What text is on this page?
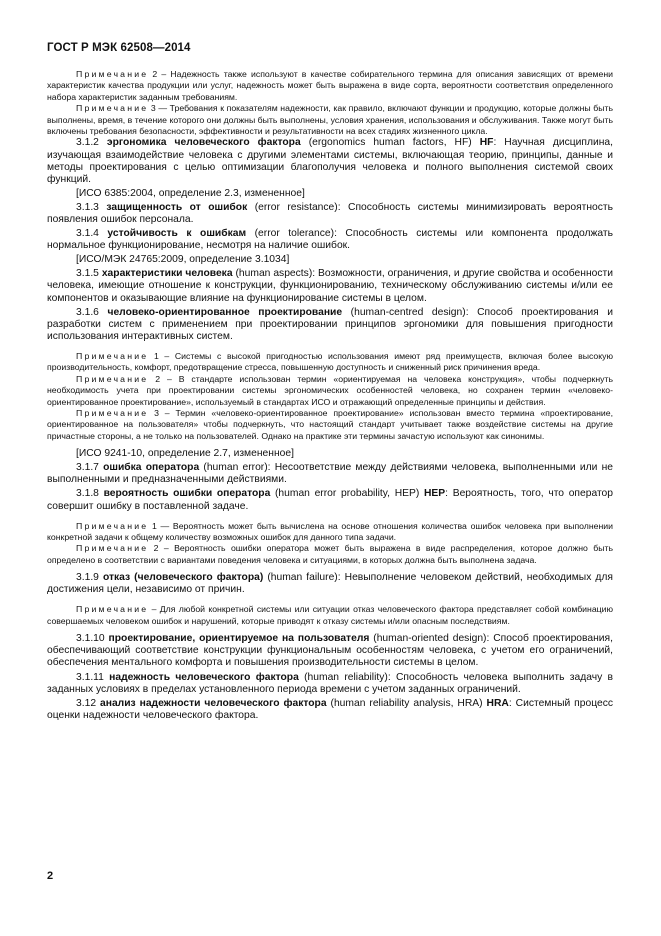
ГОСТ Р МЭК 62508—2014
Примечание 2 – Надежность также используют в качестве собирательного термина для описания зависящих от времени характеристик качества продукции или услуг, надежность может быть выражена в виде сорта, вероятности соответствия определенного набора характеристик заданным требованиям.
Примечание 3 — Требования к показателям надежности, как правило, включают функции и продукцию, которые должны быть выполнены, время, в течение которого они должны быть выполнены, условия хранения, использования и обслуживания. Также могут быть включены требования безопасности, эффективности и результативности на всех стадиях жизненного цикла.
3.1.2 эргономика человеческого фактора (ergonomics human factors, HF) HF: Научная дисциплина, изучающая взаимодействие человека с другими элементами системы, включающая теорию, принципы, данные и методы проектирования с целью оптимизации благополучия человека и полного выполнения системой своих функций.
[ИСО 6385:2004, определение 2.3, измененное]
3.1.3 защищенность от ошибок (error resistance): Способность системы минимизировать вероятность появления ошибок персонала.
3.1.4 устойчивость к ошибкам (error tolerance): Способность системы или компонента продолжать нормальное функционирование, несмотря на наличие ошибок.
[ИСО/МЭК 24765:2009, определение 3.1034]
3.1.5 характеристики человека (human aspects): Возможности, ограничения, и другие свойства и особенности человека, имеющие отношение к конструкции, функционированию, техническому обслуживанию системы и/или ее компонентов и оказывающие влияние на функционирование системы в целом.
3.1.6 человеко-ориентированное проектирование (human-centred design): Способ проектирования и разработки систем с применением при проектировании принципов эргономики для повышения пригодности использования интерактивных систем.
Примечание 1 – Системы с высокой пригодностью использования имеют ряд преимуществ, включая более высокую производительность, комфорт, предотвращение стресса, повышенную доступность и сниженный риск причинения вреда.
Примечание 2 – В стандарте использован термин «ориентируемая на человека конструкция», чтобы подчеркнуть необходимость учета при проектировании системы эргономических особенностей человека, но сохранен термин «человеко-ориентированное проектирование», используемый в стандартах ИСО и отражающий определенные принципы и действия.
Примечание 3 – Термин «человеко-ориентированное проектирование» использован вместо термина «проектирование, ориентированное на пользователя» чтобы подчеркнуть, что настоящий стандарт учитывает также воздействие системы на другие причастные стороны, а не только на пользователей. Однако на практике эти термины зачастую используют как синонимы.
[ИСО 9241-10, определение 2.7, измененное]
3.1.7 ошибка оператора (human error): Несоответствие между действиями человека, выполненными или не выполненными и предназначенными действиями.
3.1.8 вероятность ошибки оператора (human error probability, HEP) HEP: Вероятность, того, что оператор совершит ошибку в поставленной задаче.
Примечание 1 — Вероятность может быть вычислена на основе отношения количества ошибок человека при выполнении конкретной задачи к общему количеству возможных ошибок для данного типа задачи.
Примечание 2 – Вероятность ошибки оператора может быть выражена в виде распределения, которое должно быть определено в соответствии с вариантами поведения человека и ситуациями, в которых должна быть выполнена задача.
3.1.9 отказ (человеческого фактора) (human failure): Невыполнение человеком действий, необходимых для достижения цели, независимо от причин.
Примечание – Для любой конкретной системы или ситуации отказ человеческого фактора представляет собой комбинацию совершаемых человеком ошибок и нарушений, которые приводят к отказу системы и/или опасным последствиям.
3.1.10 проектирование, ориентируемое на пользователя (human-oriented design): Способ проектирования, обеспечивающий соответствие конструкции функциональным особенностям человека, с учетом его ограничений, обеспечения ментального комфорта и повышения производительности системы в целом.
3.1.11 надежность человеческого фактора (human reliability): Способность человека выполнить задачу в заданных условиях в пределах установленного периода времени с учетом заданных ограничений.
3.12 анализ надежности человеческого фактора (human reliability analysis, HRA) HRA: Системный процесс оценки надежности человеческого фактора.
2
